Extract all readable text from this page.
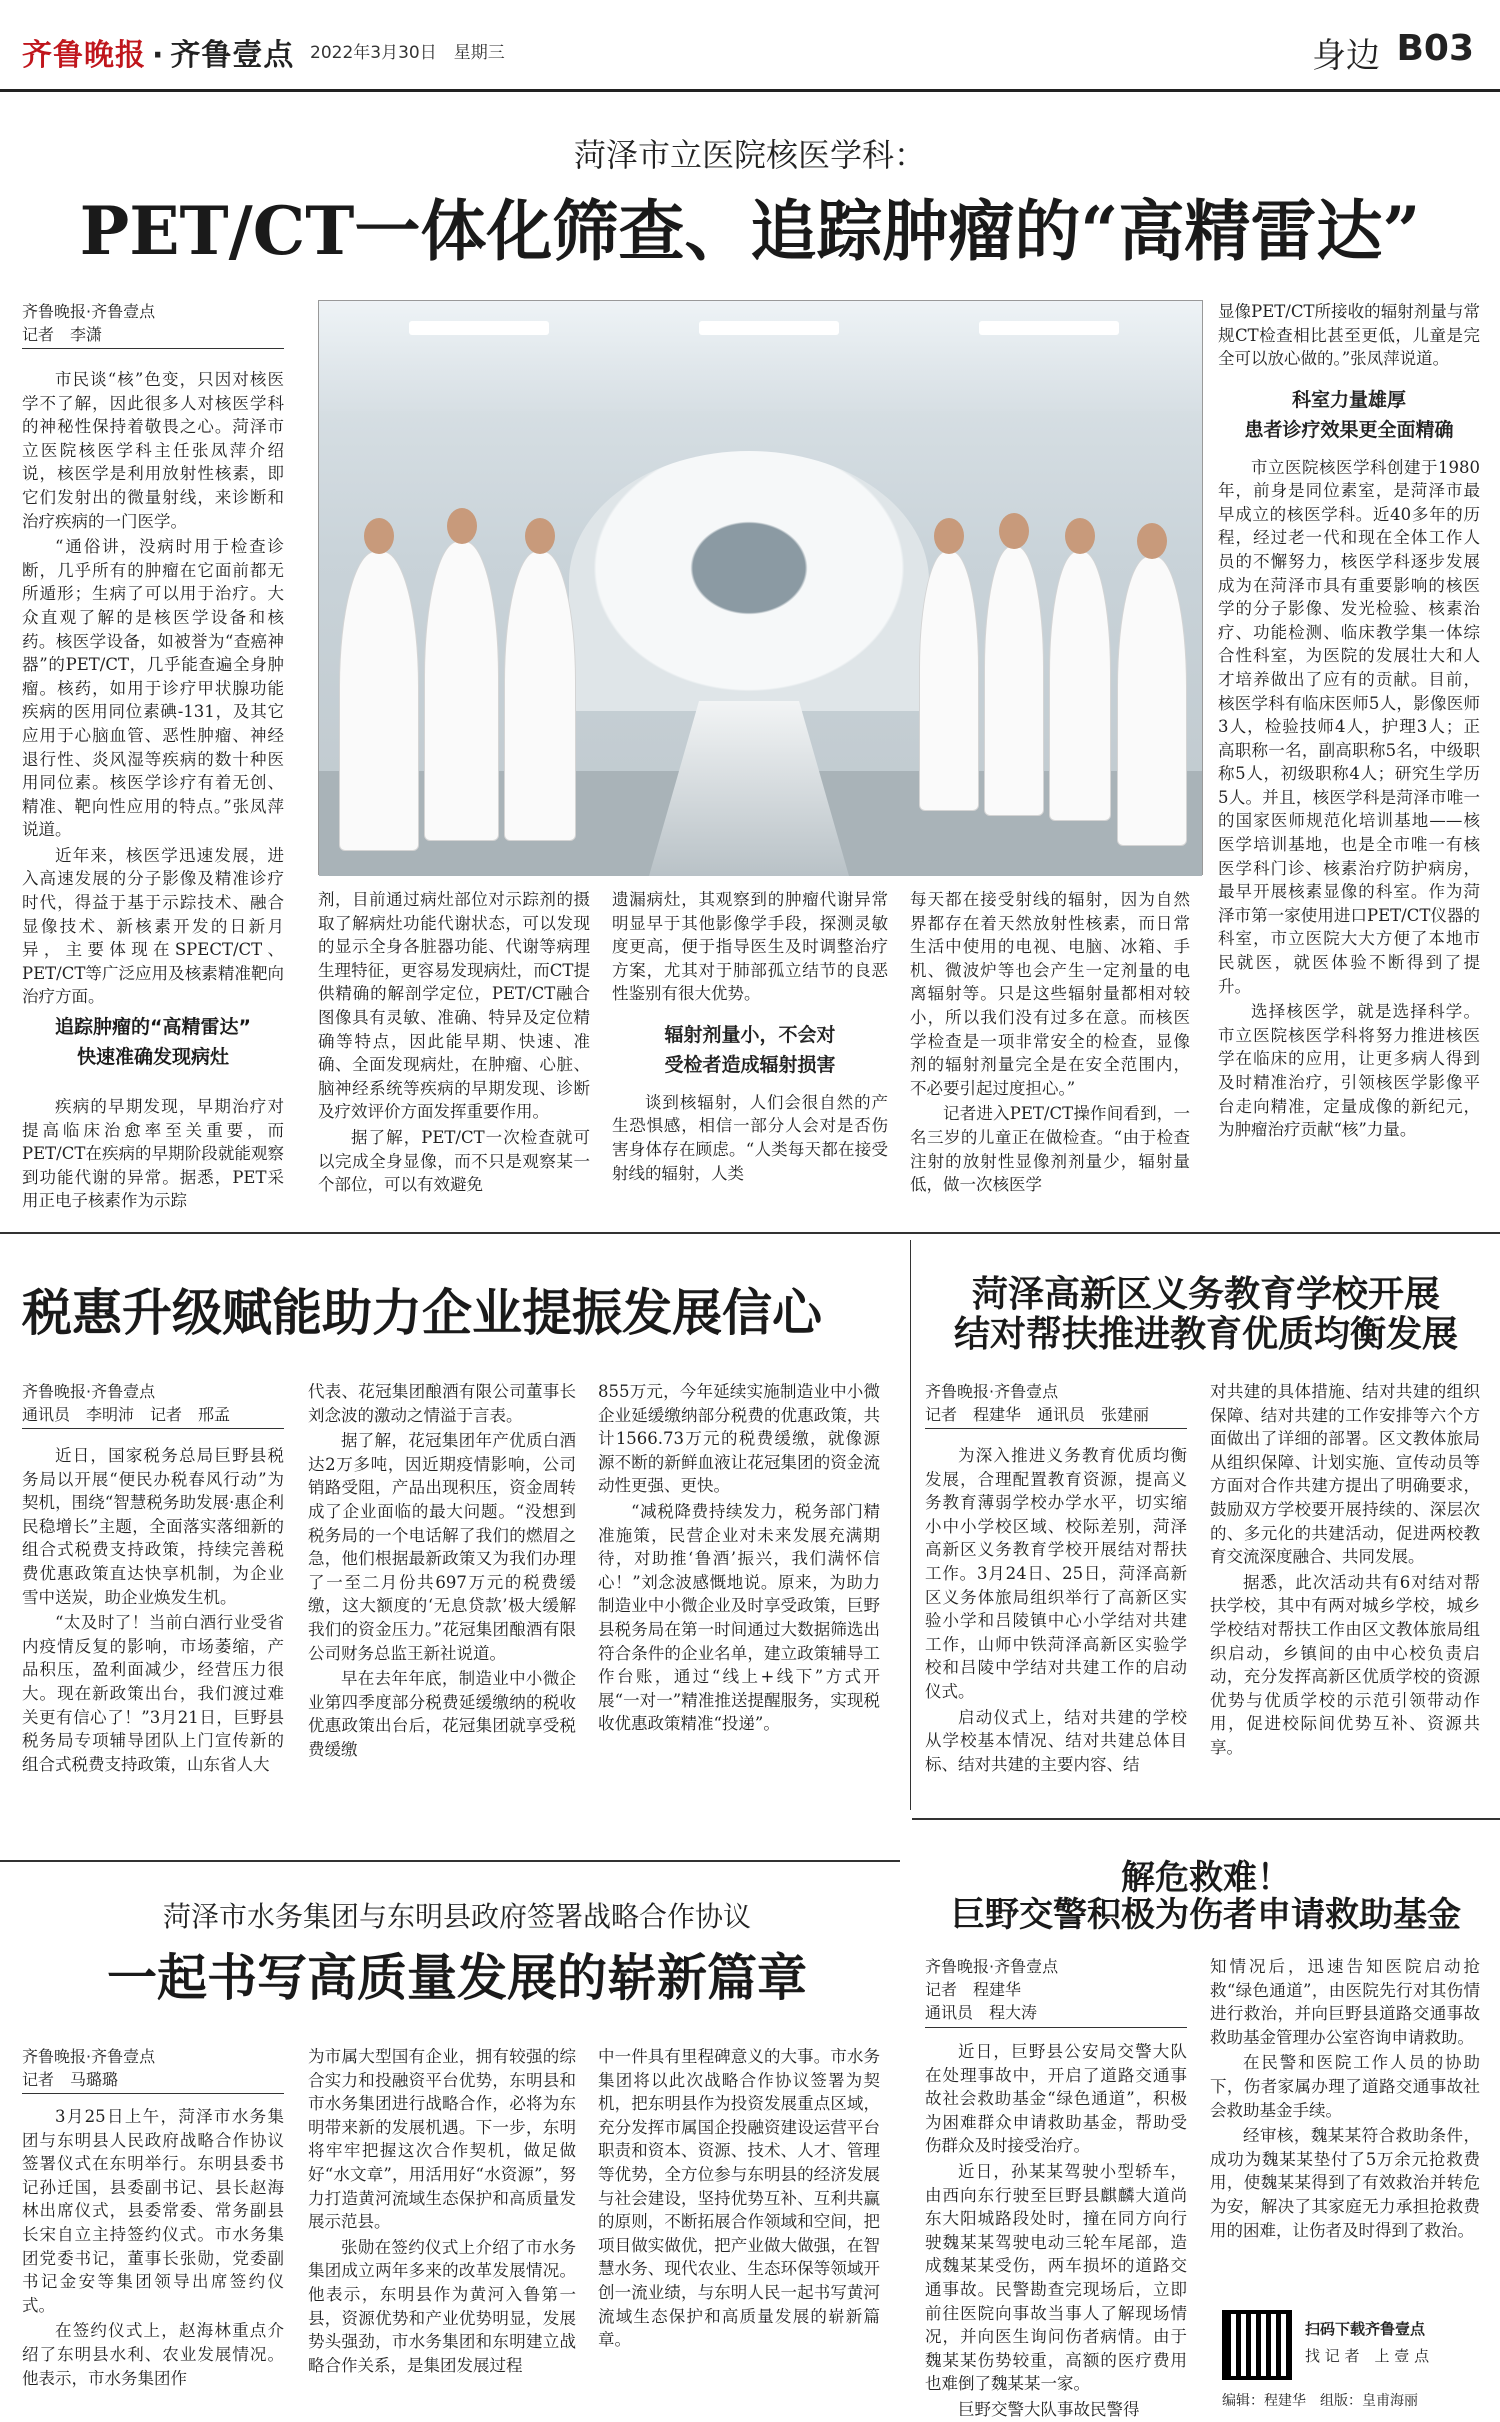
齐鲁晚报 · 齐鲁壹点 2022年3月30日　 星期三	身边 B03
菏泽市立医院核医学科：
PET/CT一体化筛查、追踪肿瘤的“高精雷达”
齐鲁晚报·齐鲁壹点
记者　李潇

市民谈“核”色变，只因对核医学不了解，因此很多人对核医学科的神秘性保持着敬畏之心。菏泽市立医院核医学科主任张凤萍介绍说，核医学是利用放射性核素，即它们发射出的微量射线，来诊断和治疗疾病的一门医学。

“通俗讲，没病时用于检查诊断，几乎所有的肿瘤在它面前都无所遁形；生病了可以用于治疗。大众直观了解的是核医学设备和核药。核医学设备，如被誉为“查癌神器”的PET/CT，几乎能查遍全身肿瘤。核药，如用于诊疗甲状腺功能疾病的医用同位素碘-131，及其它应用于心脑血管、恶性肿瘤、神经退行性、炎风湿等疾病的数十种医用同位素。核医学诊疗有着无创、精准、靶向性应用的特点。”张凤萍说道。

近年来，核医学迅速发展，进入高速发展的分子影像及精准诊疗时代，得益于基于示踪技术、融合显像技术、新核素开发的日新月异，主要体现在SPECT/CT、PET/CT等广泛应用及核素精准靶向治疗方面。

追踪肿瘤的“高精雷达”
快速准确发现病灶

疾病的早期发现，早期治疗对提高临床治愈率至关重要，而PET/CT在疾病的早期阶段就能观察到功能代谢的异常。据悉，PET采用正电子核素作为示踪

剂，目前通过病灶部位对示踪剂的摄取了解病灶功能代谢状态，可以发现的显示全身各脏器功能、代谢等病理生理特征，更容易发现病灶，而CT提供精确的解剖学定位，PET/CT融合图像具有灵敏、准确、特异及定位精确等特点，因此能早期、快速、准确、全面发现病灶，在肿瘤、心脏、脑神经系统等疾病的早期发现、诊断及疗效评价方面发挥重要作用。

据了解，PET/CT一次检查就可以完成全身显像，而不只是观察某一个部位，可以有效避免

遗漏病灶，其观察到的肿瘤代谢异常明显早于其他影像学手段，探测灵敏度更高，便于指导医生及时调整治疗方案，尤其对于肺部孤立结节的良恶性鉴别有很大优势。

辐射剂量小，不会对
受检者造成辐射损害

谈到核辐射，人们会很自然的产生恐惧感，相信一部分人会对是否伤害身体存在顾虑。“人类每天都在接受射线的辐射，人类

每天都在接受射线的辐射，因为自然界都存在着天然放射性核素，而日常生活中使用的电视、电脑、冰箱、手机、微波炉等也会产生一定剂量的电离辐射等。只是这些辐射量都相对较小，所以我们没有过多在意。而核医学检查是一项非常安全的检查，显像剂的辐射剂量完全是在安全范围内，不必要引起过度担心。”

记者进入PET/CT操作间看到，一名三岁的儿童正在做检查。“由于检查注射的放射性显像剂剂量少，辐射量低，做一次核医学

显像PET/CT所接收的辐射剂量与常规CT检查相比甚至更低，儿童是完全可以放心做的。”张凤萍说道。

科室力量雄厚
患者诊疗效果更全面精确

市立医院核医学科创建于1980年，前身是同位素室，是菏泽市最早成立的核医学科。近40多年的历程，经过老一代和现在全体工作人员的不懈努力，核医学科逐步发展成为在菏泽市具有重要影响的核医学的分子影像、发光检验、核素治疗、功能检测、临床教学集一体综合性科室，为医院的发展壮大和人才培养做出了应有的贡献。目前，核医学科有临床医师5人，影像医师3人，检验技师4人，护理3人；正高职称一名，副高职称5名，中级职称5人，初级职称4人；研究生学历5人。并且，核医学科是菏泽市唯一的国家医师规范化培训基地——核医学培训基地，也是全市唯一有核医学科门诊、核素治疗防护病房，最早开展核素显像的科室。作为菏泽市第一家使用进口PET/CT仪器的科室，市立医院大大方便了本地市民就医，就医体验不断得到了提升。

选择核医学，就是选择科学。市立医院核医学科将努力推进核医学在临床的应用，让更多病人得到及时精准治疗，引领核医学影像平台走向精准，定量成像的新纪元，为肿瘤治疗贡献“核”力量。

税惠升级赋能助力企业提振发展信心
齐鲁晚报·齐鲁壹点
通讯员　李明沛　记者　邢孟

近日，国家税务总局巨野县税务局以开展“便民办税春风行动”为契机，围绕“智慧税务助发展·惠企利民稳增长”主题，全面落实落细新的组合式税费支持政策，持续完善税费优惠政策直达快享机制，为企业雪中送炭，助企业焕发生机。

“太及时了！当前白酒行业受省内疫情反复的影响，市场萎缩，产品积压，盈利面减少，经营压力很大。现在新政策出台，我们渡过难关更有信心了！”3月21日，巨野县税务局专项辅导团队上门宣传新的组合式税费支持政策，山东省人大

代表、花冠集团酿酒有限公司董事长刘念波的激动之情溢于言表。

据了解，花冠集团年产优质白酒达2万多吨，因近期疫情影响，公司销路受阻，产品出现积压，资金周转成了企业面临的最大问题。“没想到税务局的一个电话解了我们的燃眉之急，他们根据最新政策又为我们办理了一至二月份共697万元的税费缓缴，这大额度的‘无息贷款’极大缓解我们的资金压力。”花冠集团酿酒有限公司财务总监王新社说道。

早在去年年底，制造业中小微企业第四季度部分税费延缓缴纳的税收优惠政策出台后，花冠集团就享受税费缓缴

855万元，今年延续实施制造业中小微企业延缓缴纳部分税费的优惠政策，共计1566.73万元的税费缓缴，就像源源不断的新鲜血液让花冠集团的资金流动性更强、更快。

“减税降费持续发力，税务部门精准施策，民营企业对未来发展充满期待，对助推‘鲁酒’振兴，我们满怀信心！”刘念波感慨地说。原来，为助力制造业中小微企业及时享受政策，巨野县税务局在第一时间通过大数据筛选出符合条件的企业名单，建立政策辅导工作台账，通过“线上+线下”方式开展“一对一”精准推送提醒服务，实现税收优惠政策精准“投递”。

菏泽高新区义务教育学校开展
结对帮扶推进教育优质均衡发展
齐鲁晚报·齐鲁壹点
记者　程建华　通讯员　张建丽

为深入推进义务教育优质均衡发展，合理配置教育资源，提高义务教育薄弱学校办学水平，切实缩小中小学校区域、校际差别，菏泽高新区义务教育学校开展结对帮扶工作。3月24日、25日，菏泽高新区义务体旅局组织举行了高新区实验小学和吕陵镇中心小学结对共建工作，山师中铁菏泽高新区实验学校和吕陵中学结对共建工作的启动仪式。

启动仪式上，结对共建的学校从学校基本情况、结对共建总体目标、结对共建的主要内容、结

对共建的具体措施、结对共建的组织保障、结对共建的工作安排等六个方面做出了详细的部署。区文教体旅局从组织保障、计划实施、宣传动员等方面对合作共建方提出了明确要求，鼓励双方学校要开展持续的、深层次的、多元化的共建活动，促进两校教育交流深度融合、共同发展。

据悉，此次活动共有6对结对帮扶学校，其中有两对城乡学校，城乡学校结对帮扶工作由区文教体旅局组织启动，乡镇间的由中心校负责启动，充分发挥高新区优质学校的资源优势与优质学校的示范引领带动作用，促进校际间优势互补、资源共享。

菏泽市水务集团与东明县政府签署战略合作协议
一起书写高质量发展的崭新篇章
齐鲁晚报·齐鲁壹点
记者　马璐璐

3月25日上午，菏泽市水务集团与东明县人民政府战略合作协议签署仪式在东明举行。东明县委书记孙迁国，县委副书记、县长赵海林出席仪式，县委常委、常务副县长宋自立主持签约仪式。市水务集团党委书记，董事长张勋，党委副书记金安等集团领导出席签约仪式。

在签约仪式上，赵海林重点介绍了东明县水利、农业发展情况。他表示，市水务集团作

为市属大型国有企业，拥有较强的综合实力和投融资平台优势，东明县和市水务集团进行战略合作，必将为东明带来新的发展机遇。下一步，东明将牢牢把握这次合作契机，做足做好“水文章”，用活用好“水资源”，努力打造黄河流域生态保护和高质量发展示范县。

张勋在签约仪式上介绍了市水务集团成立两年多来的改革发展情况。他表示，东明县作为黄河入鲁第一县，资源优势和产业优势明显，发展势头强劲，市水务集团和东明建立战略合作关系，是集团发展过程

中一件具有里程碑意义的大事。市水务集团将以此次战略合作协议签署为契机，把东明县作为投资发展重点区域，充分发挥市属国企投融资建设运营平台职责和资本、资源、技术、人才、管理等优势，全方位参与东明县的经济发展与社会建设，坚持优势互补、互利共赢的原则，不断拓展合作领域和空间，把项目做实做优，把产业做大做强，在智慧水务、现代农业、生态环保等领域开创一流业绩，与东明人民一起书写黄河流域生态保护和高质量发展的崭新篇章。

解危救难！
巨野交警积极为伤者申请救助基金
齐鲁晚报·齐鲁壹点
记者　程建华
通讯员　程大涛

近日，巨野县公安局交警大队在处理事故中，开启了道路交通事故社会救助基金“绿色通道”，积极为困难群众申请救助基金，帮助受伤群众及时接受治疗。

近日，孙某某驾驶小型轿车，由西向东行驶至巨野县麒麟大道尚东大阳城路段处时，撞在同方向行驶魏某某驾驶电动三轮车尾部，造成魏某某受伤，两车损坏的道路交通事故。民警勘查完现场后，立即前往医院向事故当事人了解现场情况，并向医生询问伤者病情。由于魏某某伤势较重，高额的医疗费用也难倒了魏某某一家。

巨野交警大队事故民警得

知情况后，迅速告知医院启动抢救“绿色通道”，由医院先行对其伤情进行救治，并向巨野县道路交通事故救助基金管理办公室咨询申请救助。

在民警和医院工作人员的协助下，伤者家属办理了道路交通事故社会救助基金手续。

经审核，魏某某符合救助条件，成功为魏某某垫付了5万余元抢救费用，使魏某某得到了有效救治并转危为安，解决了其家庭无力承担抢救费用的困难，让伤者及时得到了救治。

扫码下载齐鲁壹点
找 记 者　上 壹 点
编辑：程建华　组版：皇甫海丽
